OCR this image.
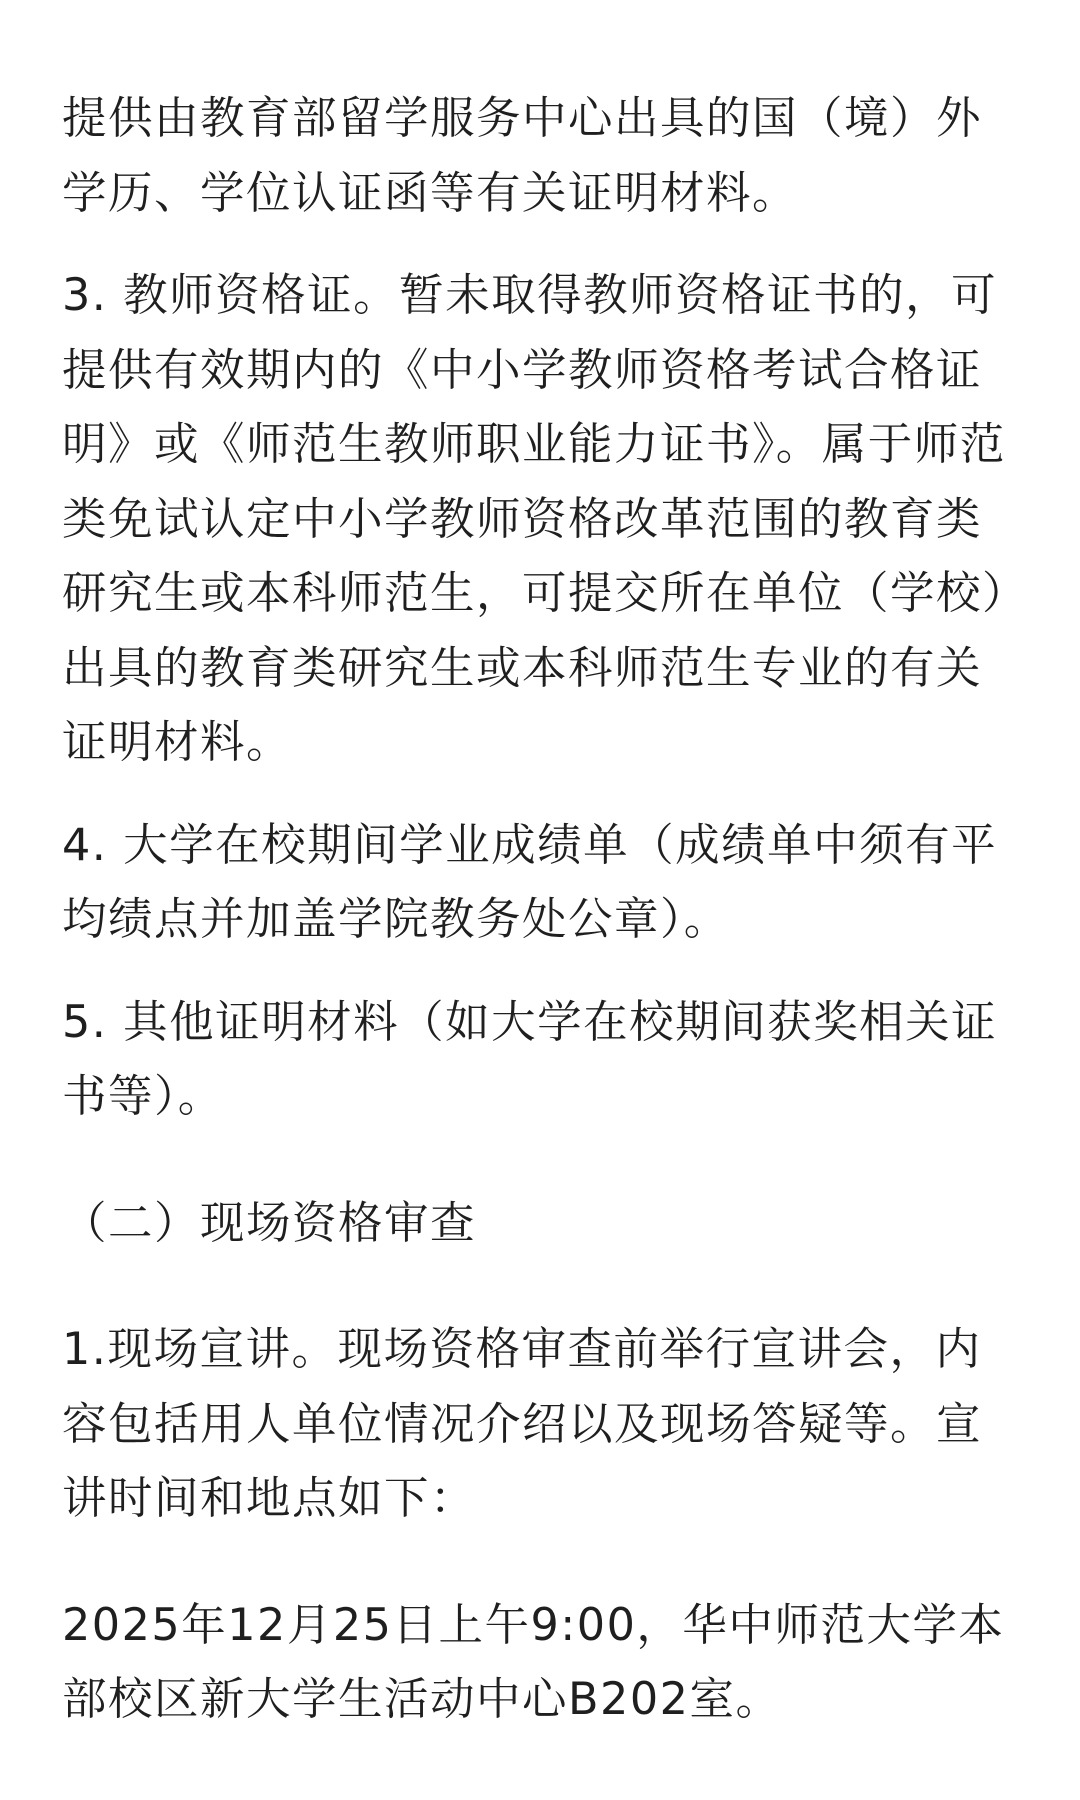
提供由教育部留学服务中心出具的国（境）外学历、学位认证函等有关证明材料。

3. 教师资格证。暂未取得教师资格证书的，可提供有效期内的《中小学教师资格考试合格证明》或《师范生教师职业能力证书》。属于师范类免试认定中小学教师资格改革范围的教育类研究生或本科师范生，可提交所在单位（学校）出具的教育类研究生或本科师范生专业的有关证明材料。

4. 大学在校期间学业成绩单（成绩单中须有平均绩点并加盖学院教务处公章）。

5. 其他证明材料（如大学在校期间获奖相关证书等）。

（二）现场资格审查

1.现场宣讲。现场资格审查前举行宣讲会，内容包括用人单位情况介绍以及现场答疑等。宣讲时间和地点如下：

2025年12月25日上午9:00，华中师范大学本部校区新大学生活动中心B202室。
